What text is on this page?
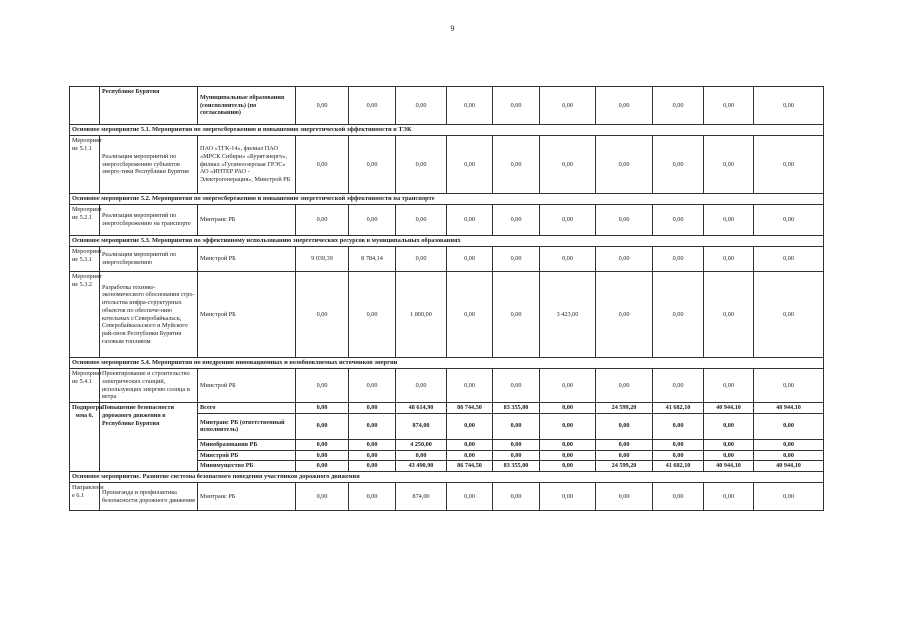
9
	Республике Бурятия	Муниципальные образования (соисполнитель) (по согласованию)	0,00	0,00	0,00	0,00	0,00	0,00	0,00	0,00	0,00	0,00
Основное мероприятие 5.1. Мероприятия по энергосбережению и повышению энергетической эффективности в ТЭК												
Мероприят ие 5.1.1	Реализация мероприятий по энергосбережению субъектов энерге-тики Республики Бурятия	ПАО «ТГК-14», филиал ПАО «МРСК Сибири» «Бурятэнерго», филиал «Гусиноозерская ГРЭС» АО «ИНТЕР РАО - Электрогенерация», Минстрой РБ	0,00	0,00	0,00	0,00	0,00	0,00	0,00	0,00	0,00	0,00
Основное мероприятие 5.2. Мероприятия по энергосбережению и повышению энергетической эффективности на транспорте												
Мероприят ие 5.2.1	Реализация мероприятий по энергосбережению на транспорте	Минтранс РБ	0,00	0,00	0,00	0,00	0,00	0,00	0,00	0,00	0,00	0,00
Основное мероприятие 5.3. Мероприятия по эффективному использованию энергетических ресурсов в муниципальных образованиях												
Мероприят ие 5.3.1	Реализация мероприятий по энергосбережению	Минстрой РБ	9 039,39	8 784,14	0,00	0,00	0,00	0,00	0,00	0,00	0,00	0,00
Мероприят ие 5.3.2	Разработка технико-экономического обоснования стро-ительства инфра-структурных объектов по обеспече-нию котельных г.Северобайкальск, Северобайкальского и Муйского рай-онов Республики Бурятия газовым топливом	Минстрой РБ	0,00	0,00	1 800,00	0,00	0,00	3 423,00	0,00	0,00	0,00	0,00
Основное мероприятие 5.4. Мероприятия по внедрению инновационных и возобновляемых источников энергии												
Мероприят ие 5.4.1	Проектирование и строительство электрических станций, использующих энергию солнца и ветра	Минстрой РБ	0,00	0,00	0,00	0,00	0,00	0,00	0,00	0,00	0,00	0,00
Подпрогра мма 6.	Повышение безопасности дорожного движения в Республике Бурятия	Всего	0,00	0,00	48 614,90	86 744,50	83 355,00	0,00	24 599,20	41 682,10	40 944,10	40 944,10
		Минтранс РБ (ответственный исполнитель)	0,00	0,00	874,00	0,00	0,00	0,00	0,00	0,00	0,00	0,00
		Минобразования РБ	0,00	0,00	4 250,00	0,00	0,00	0,00	0,00	0,00	0,00	0,00
		Минстрой РБ	0,00	0,00	0,00	0,00	0,00	0,00	0,00	0,00	0,00	0,00
		Минимущество РБ	0,00	0,00	43 490,90	86 744,50	83 355,00	0,00	24 599,20	41 682,10	40 944,10	40 944,10
Основное мероприятие. Развитие системы безопасного поведения участников дорожного движения												
Направлени е 6.1	Пропаганда и профилактика безопасности дорожного движения	Минтранс РБ	0,00	0,00	874,00	0,00	0,00	0,00	0,00	0,00	0,00	0,00
